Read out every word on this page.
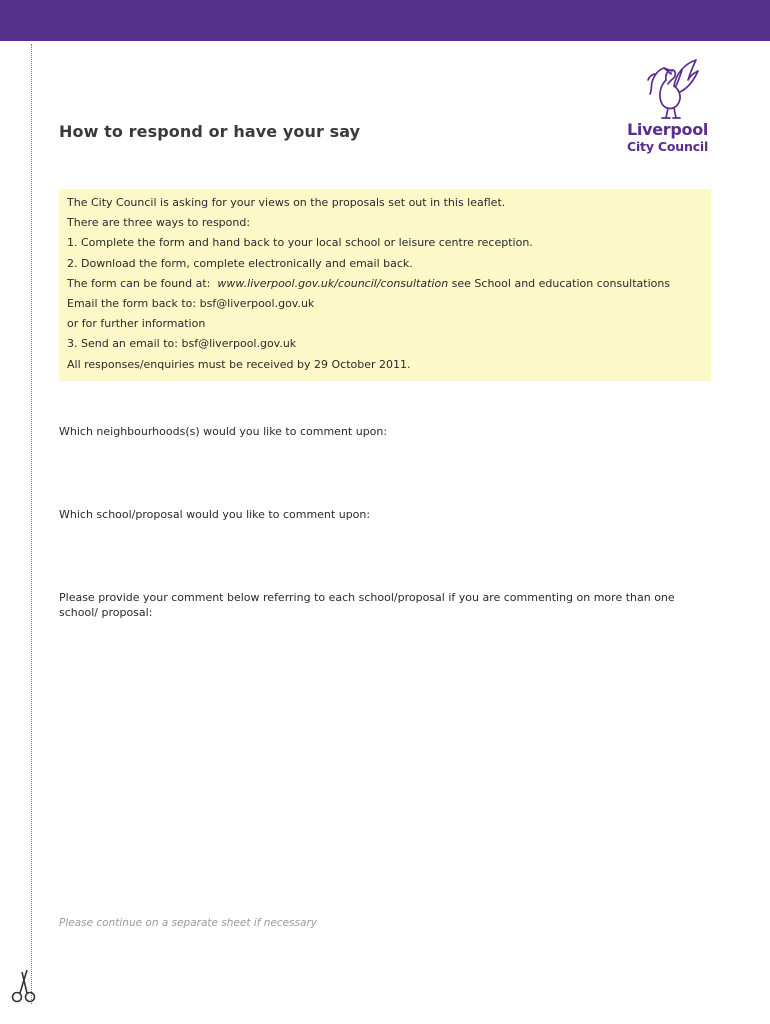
How to respond or have your say	Liverpool
City Council
The City Council is asking for your views on the proposals set out in this leaflet.
There are three ways to respond:
1. Complete the form and hand back to your local school or leisure centre reception.
2. Download the form, complete electronically and email back.
The form can be found at: www.liverpool.gov.uk/council/consultation see School and education consultations
Email the form back to: bsf@liverpool.gov.uk
or for further information
3. Send an email to: bsf@liverpool.gov.uk
All responses/enquiries must be received by 29 October 2011.
Which neighbourhoods(s) would you like to comment upon:
Which school/proposal would you like to comment upon:
Please provide your comment below referring to each school/proposal if you are commenting on more than one school/ proposal:
Please continue on a separate sheet if necessary
